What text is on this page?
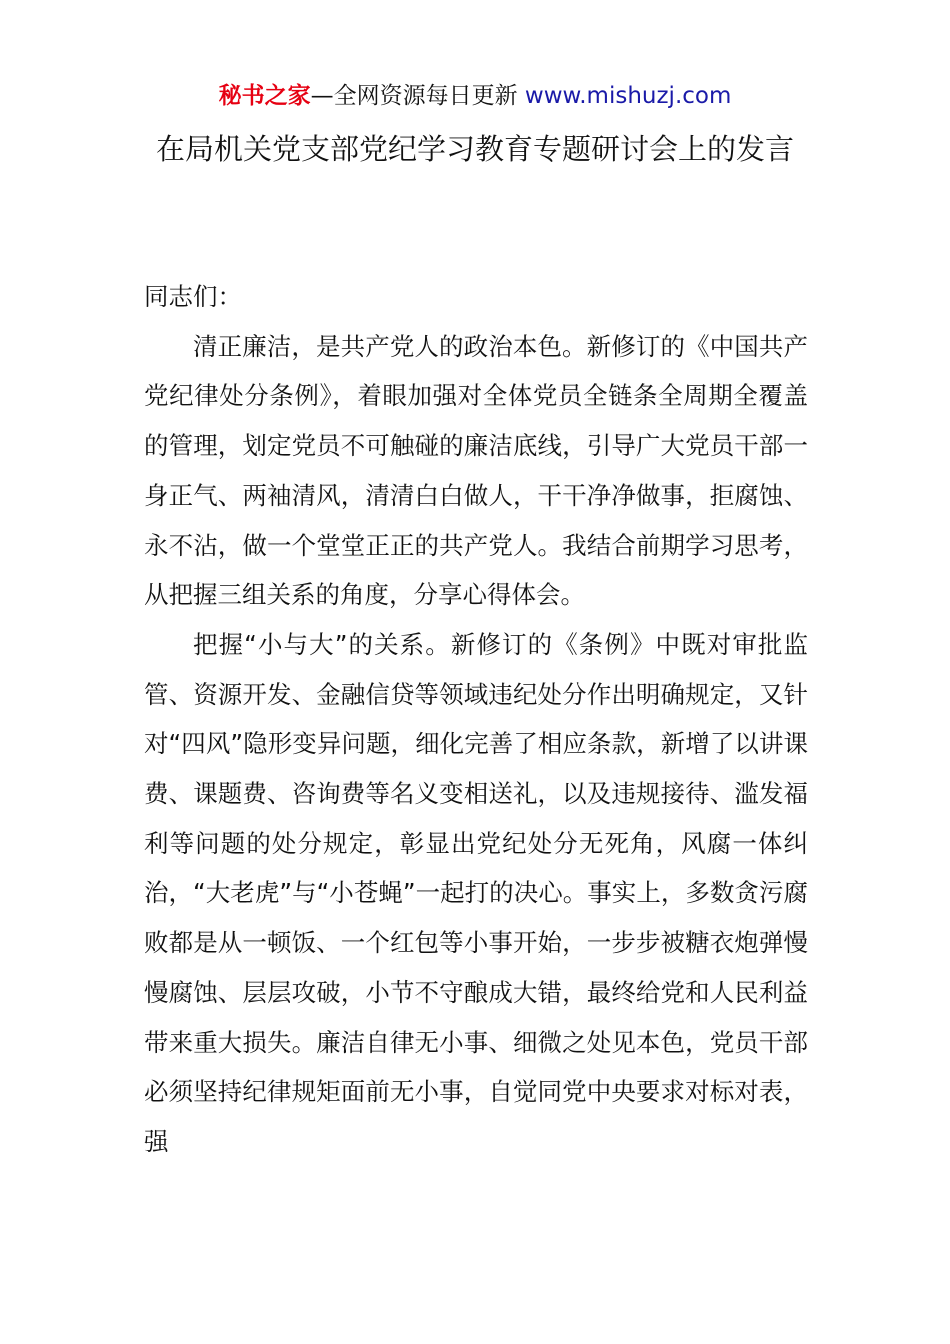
秘书之家—全网资源每日更新 www.mishuzj.com
在局机关党支部党纪学习教育专题研讨会上的发言

同志们：

清正廉洁，是共产党人的政治本色。新修订的《中国共产党纪律处分条例》，着眼加强对全体党员全链条全周期全覆盖的管理，划定党员不可触碰的廉洁底线，引导广大党员干部一身正气、两袖清风，清清白白做人，干干净净做事，拒腐蚀、永不沾，做一个堂堂正正的共产党人。我结合前期学习思考，从把握三组关系的角度，分享心得体会。

把握“小与大”的关系。新修订的《条例》中既对审批监管、资源开发、金融信贷等领域违纪处分作出明确规定，又针对“四风”隐形变异问题，细化完善了相应条款，新增了以讲课费、课题费、咨询费等名义变相送礼，以及违规接待、滥发福利等问题的处分规定，彰显出党纪处分无死角，风腐一体纠治，“大老虎”与“小苍蝇”一起打的决心。事实上，多数贪污腐败都是从一顿饭、一个红包等小事开始，一步步被糖衣炮弹慢慢腐蚀、层层攻破，小节不守酿成大错，最终给党和人民利益带来重大损失。廉洁自律无小事、细微之处见本色，党员干部必须坚持纪律规矩面前无小事，自觉同党中央要求对标对表，强
